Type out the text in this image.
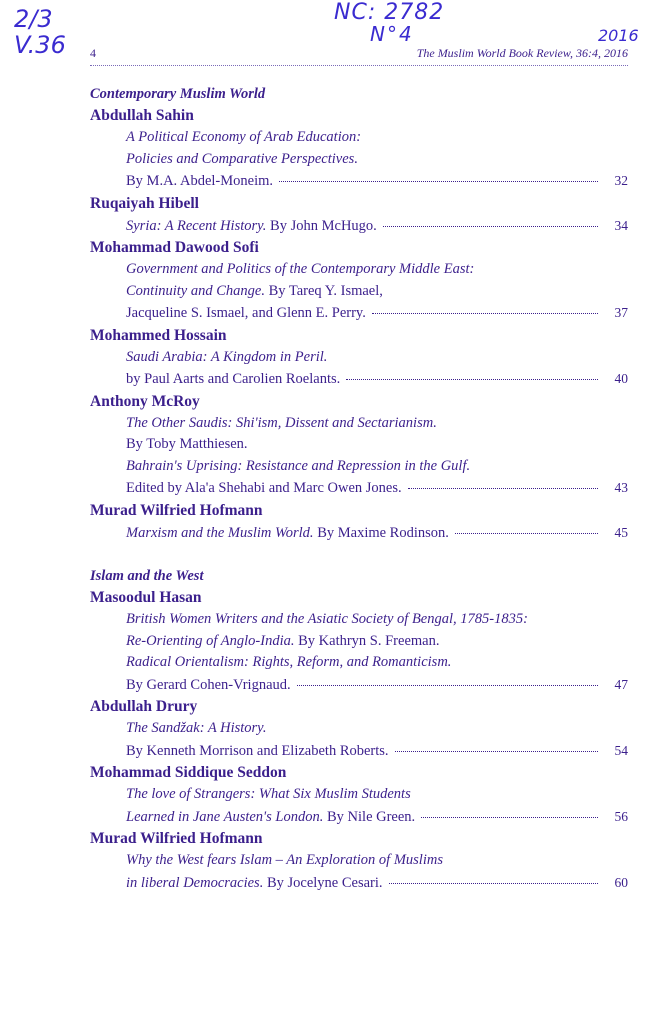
2/3
V.36
NC: 2782
N°4	2016
4	The Muslim World Book Review, 36:4, 2016

Contemporary Muslim World
Abdullah Sahin
A Political Economy of Arab Education:
Policies and Comparative Perspectives.
By M.A. Abdel-Moneim.	32
Ruqaiyah Hibell
Syria: A Recent History. By John McHugo.	34
Mohammad Dawood Sofi
Government and Politics of the Contemporary Middle East:
Continuity and Change. By Tareq Y. Ismael,
Jacqueline S. Ismael, and Glenn E. Perry.	37
Mohammed Hossain
Saudi Arabia: A Kingdom in Peril.
by Paul Aarts and Carolien Roelants.	40
Anthony McRoy
The Other Saudis: Shi'ism, Dissent and Sectarianism.
By Toby Matthiesen.
Bahrain's Uprising: Resistance and Repression in the Gulf.
Edited by Ala'a Shehabi and Marc Owen Jones.	43
Murad Wilfried Hofmann
Marxism and the Muslim World. By Maxime Rodinson.	45
Islam and the West
Masoodul Hasan
British Women Writers and the Asiatic Society of Bengal, 1785-1835:
Re-Orienting of Anglo-India. By Kathryn S. Freeman.
Radical Orientalism: Rights, Reform, and Romanticism.
By Gerard Cohen-Vrignaud.	47
Abdullah Drury
The Sandžak: A History.
By Kenneth Morrison and Elizabeth Roberts.	54
Mohammad Siddique Seddon
The love of Strangers: What Six Muslim Students
Learned in Jane Austen's London. By Nile Green.	56
Murad Wilfried Hofmann
Why the West fears Islam – An Exploration of Muslims
in liberal Democracies. By Jocelyne Cesari.	60
